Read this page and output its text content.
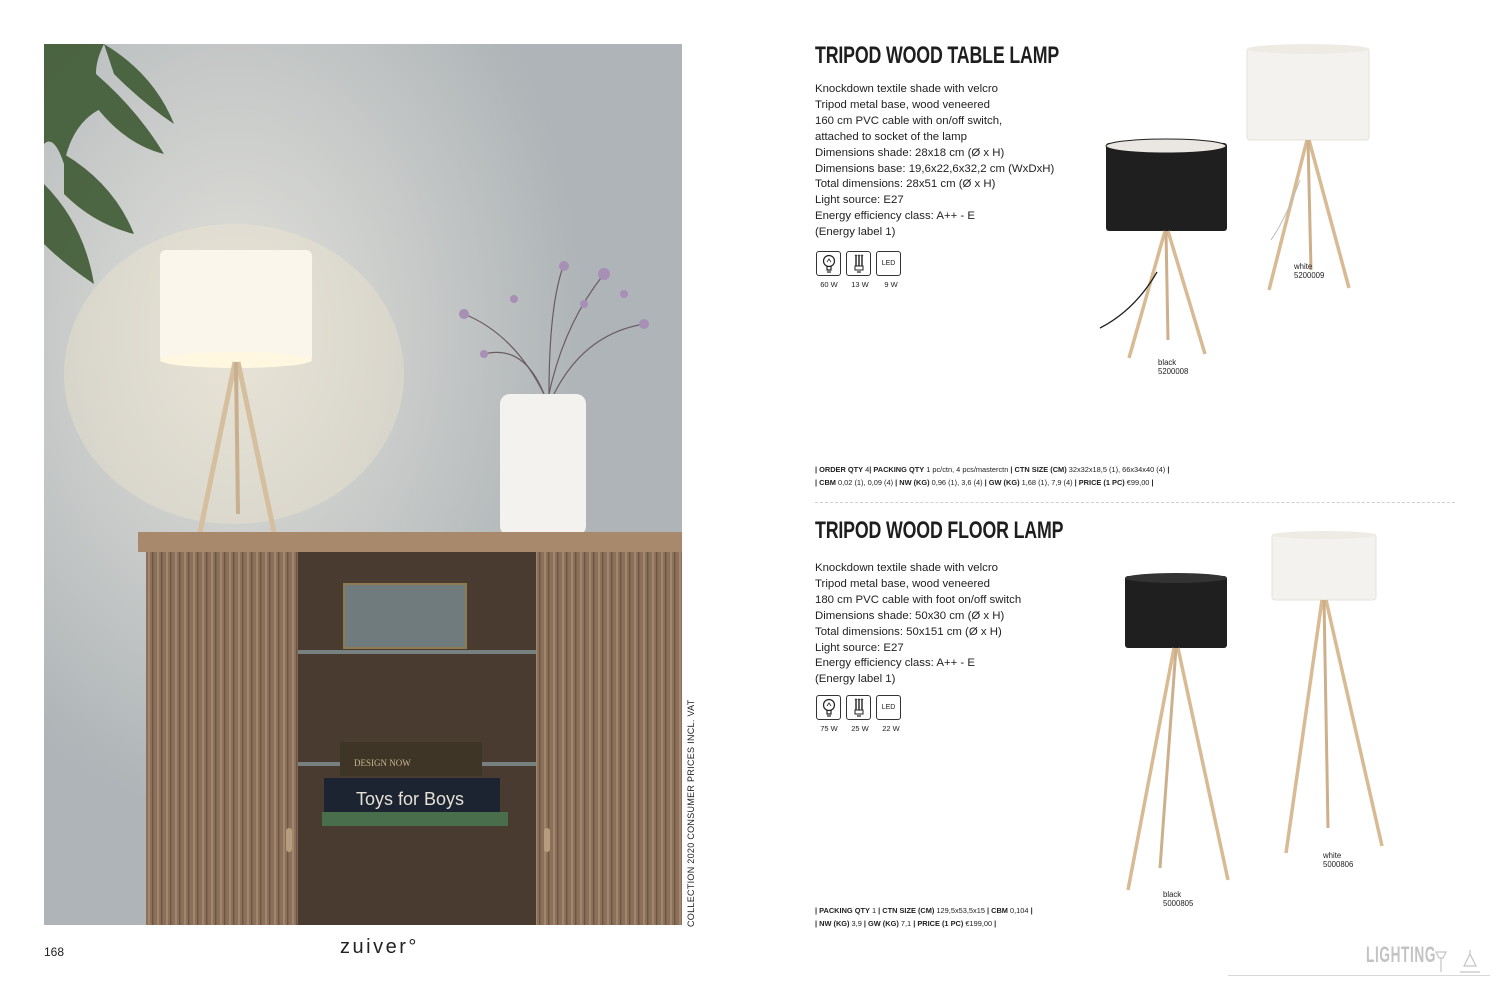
DESIGN NOW
Toys for Boys	COLLECTION 2020 CONSUMER PRICES INCL. VAT
168	zuiver°
TRIPOD WOOD TABLE LAMP
Knockdown textile shade with velcro
Tripod metal base, wood veneered
160 cm PVC cable with on/off switch,
attached to socket of the lamp
Dimensions shade: 28x18 cm (Ø x H)
Dimensions base: 19,6x22,6x32,2 cm (WxDxH)
Total dimensions: 28x51 cm (Ø x H)
Light source: E27
Energy efficiency class: A++ - E
(Energy label 1)
LED
60 W	13 W	9 W
white
5200009
black
5200008
| ORDER QTY 4| PACKING QTY 1 pc/ctn, 4 pcs/masterctn | CTN SIZE (CM) 32x32x18,5 (1), 66x34x40 (4) |
| CBM 0,02 (1), 0,09 (4) | NW (KG) 0,96 (1), 3,6 (4) | GW (KG) 1,68 (1), 7,9 (4) | PRICE (1 PC) €99,00 |
TRIPOD WOOD FLOOR LAMP
Knockdown textile shade with velcro
Tripod metal base, wood veneered
180 cm PVC cable with foot on/off switch
Dimensions shade: 50x30 cm (Ø x H)
Total dimensions: 50x151 cm (Ø x H)
Light source: E27
Energy efficiency class: A++ - E
(Energy label 1)
LED
75 W	25 W	22 W
white
5000806
black
5000805
| PACKING QTY 1 | CTN SIZE (CM) 129,5x53,5x15 | CBM 0,104 |
| NW (KG) 3,9 | GW (KG) 7,1 | PRICE (1 PC) €199,00 |
LIGHTING
